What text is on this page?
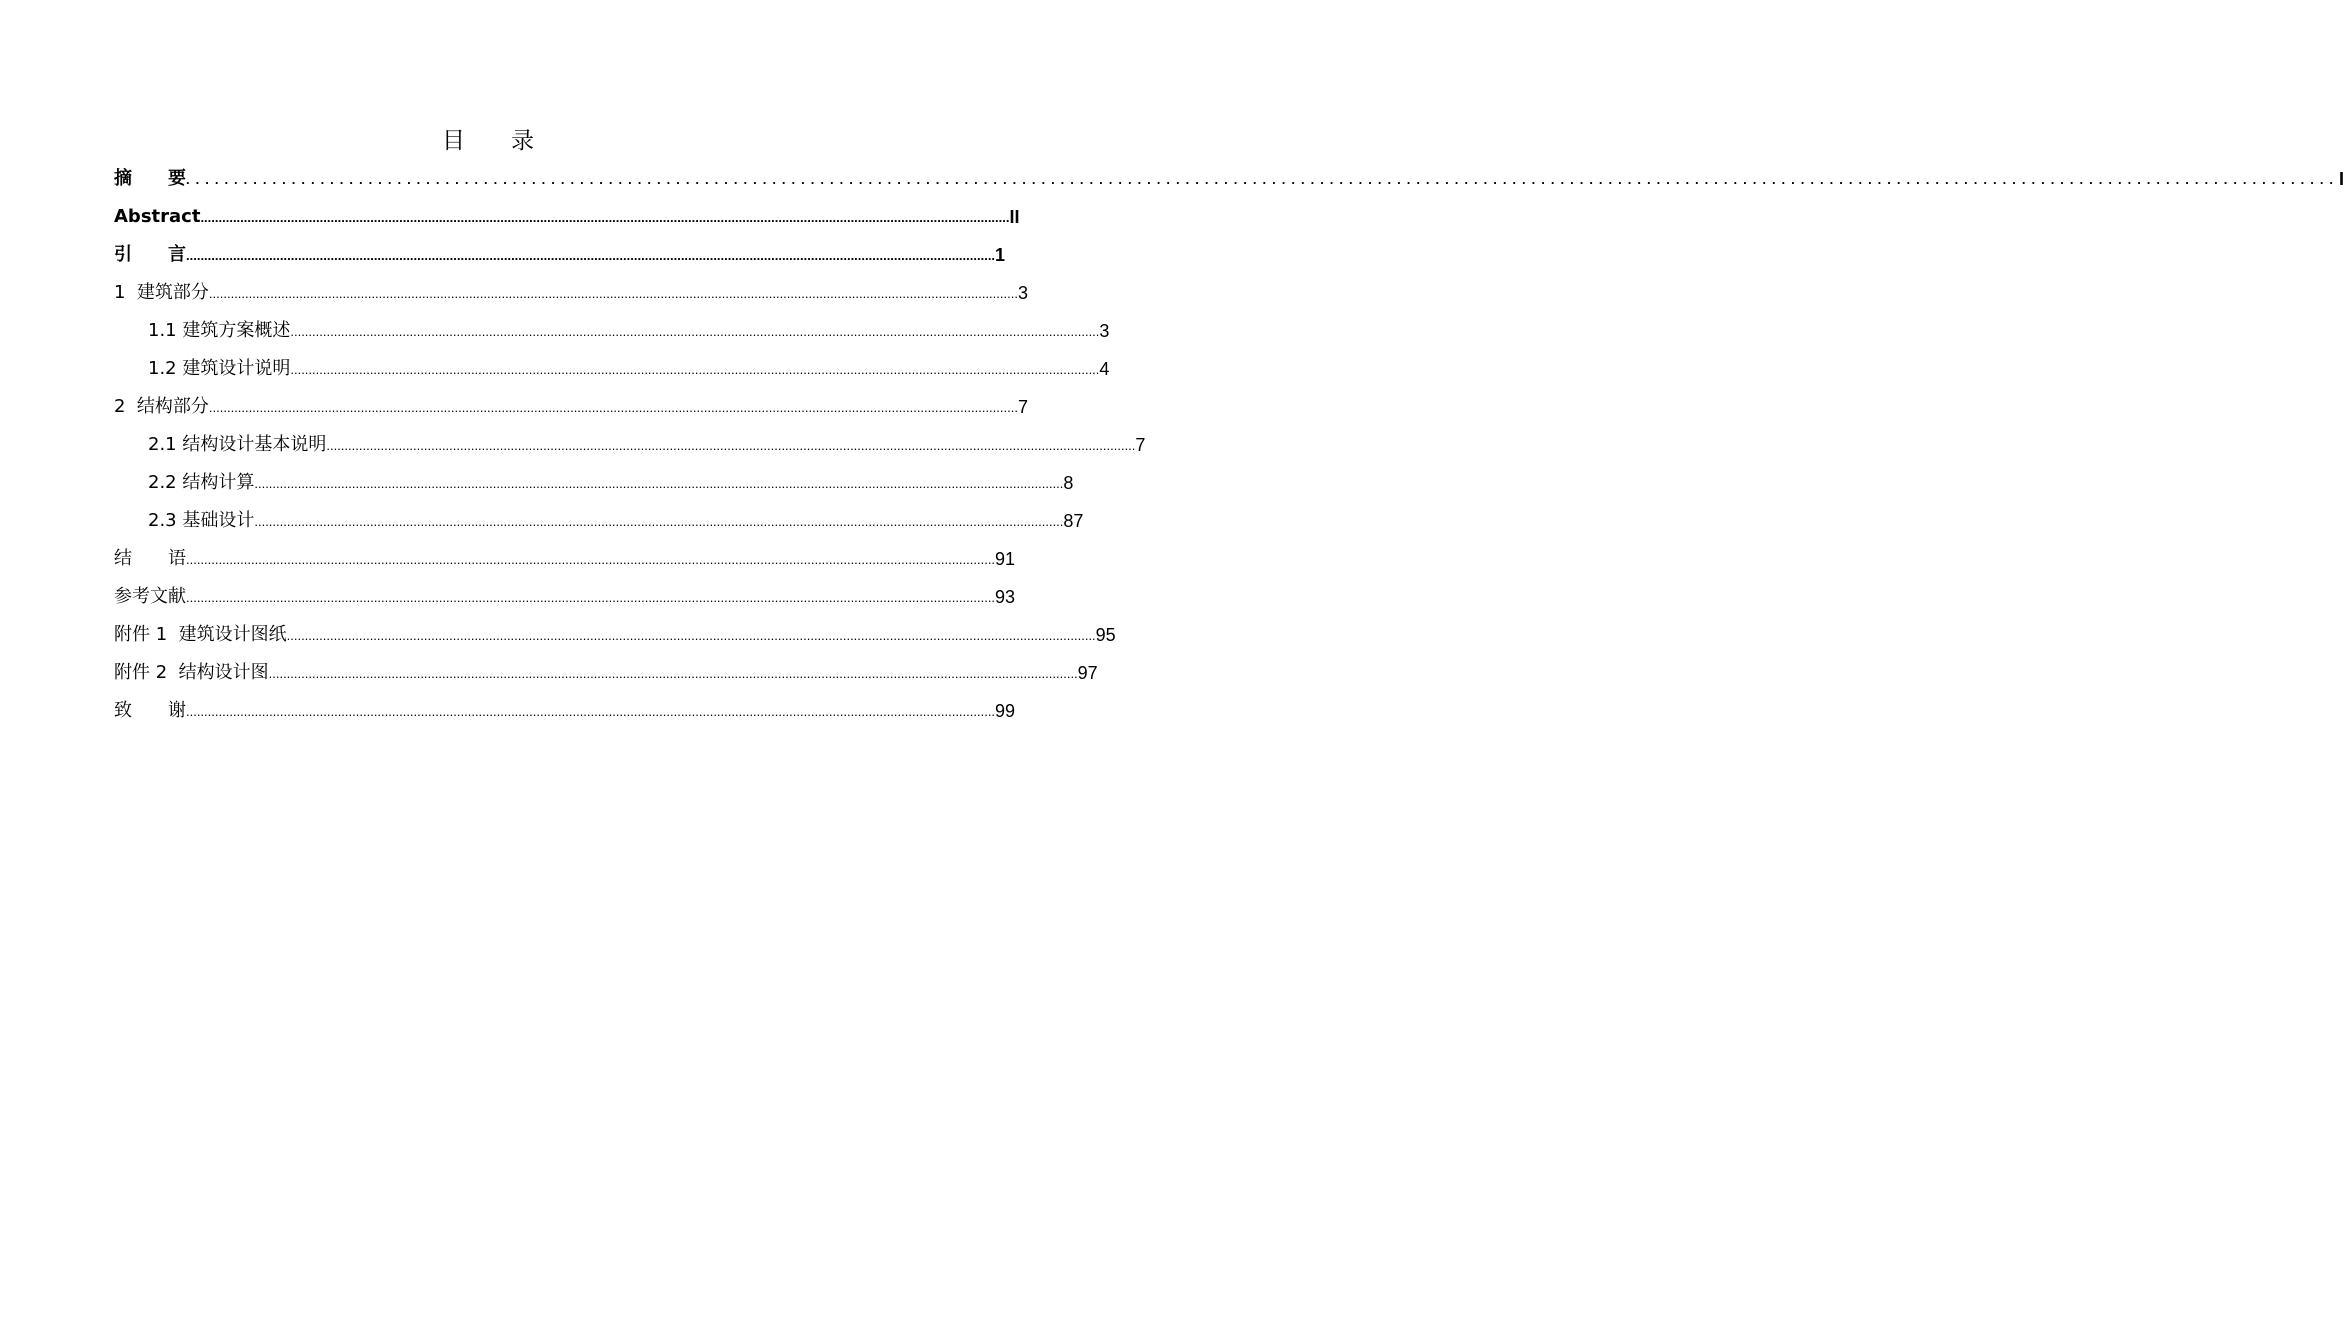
目　　录
摘　　要 ................................................................................................................................................................................................................................ I
Abstract ................................................................................................................................................................................................................................ II
引　　言 ................................................................................................................................................................................................................................ 1
1  建筑部分 ................................................................................................................................................................................................................................ 3
1.1 建筑方案概述 ................................................................................................................................................................................................................................ 3
1.2 建筑设计说明 ................................................................................................................................................................................................................................ 4
2  结构部分 ................................................................................................................................................................................................................................ 7
2.1 结构设计基本说明 ................................................................................................................................................................................................................................ 7
2.2 结构计算 ................................................................................................................................................................................................................................ 8
2.3 基础设计 ................................................................................................................................................................................................................................ 87
结　　语 ................................................................................................................................................................................................................................ 91
参考文献 ................................................................................................................................................................................................................................ 93
附件 1  建筑设计图纸 ................................................................................................................................................................................................................................ 95
附件 2  结构设计图 ................................................................................................................................................................................................................................ 97
致　　谢 ................................................................................................................................................................................................................................ 99
